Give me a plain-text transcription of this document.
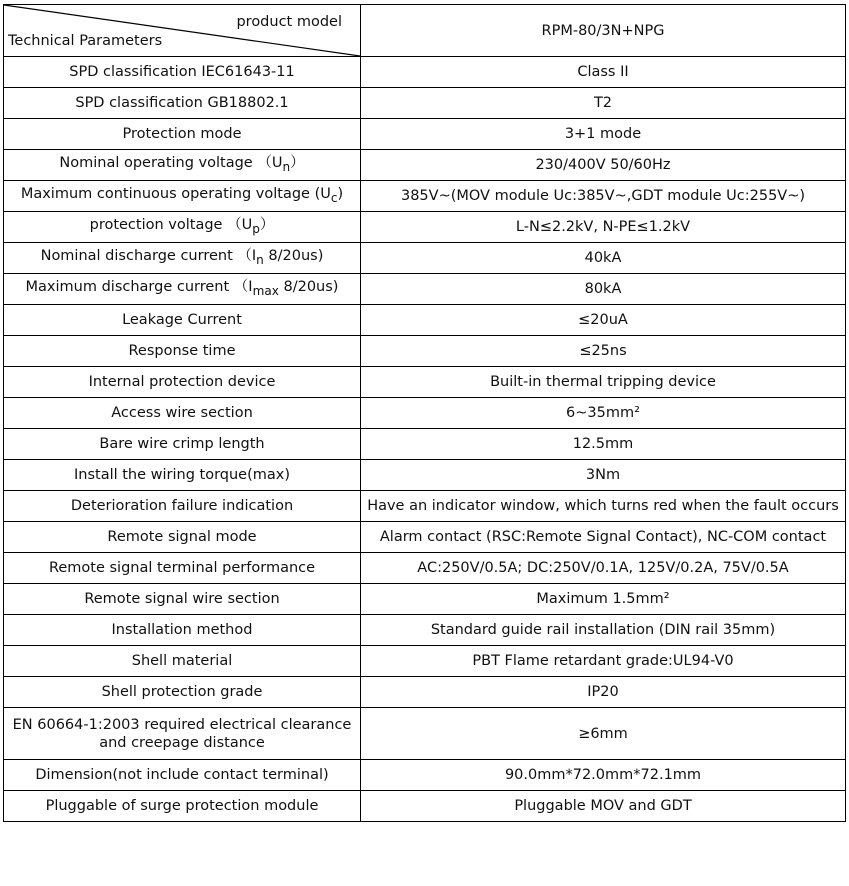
product model
Technical Parameters	RPM-80/3N+NPG
SPD classification IEC61643-11	Class II
SPD classification GB18802.1	T2
Protection mode	3+1 mode
Nominal operating voltage $(U_n)$	230/400V 50/60Hz
Maximum continuous operating voltage $(U_c)$	385V~(MOV module Uc:385V~,GDT module Uc:255V~)
protection voltage $(U_p)$	L-N≤2.2kV, N-PE≤1.2kV
Nominal discharge current （$I_n$ 8/20us)	40kA
Maximum discharge current （$I_{max}$ 8/20us)	80kA
Leakage Current	≤20uA
Response time	≤25ns
Internal protection device	Built-in thermal tripping device
Access wire section	6~35mm²
Bare wire crimp length	12.5mm
Install the wiring torque(max)	3Nm
Deterioration failure indication	Have an indicator window, which turns red when the fault occurs
Remote signal mode	Alarm contact (RSC:Remote Signal Contact), NC-COM contact
Remote signal terminal performance	AC:250V/0.5A; DC:250V/0.1A, 125V/0.2A, 75V/0.5A
Remote signal wire section	Maximum 1.5mm²
Installation method	Standard guide rail installation (DIN rail 35mm)
Shell material	PBT Flame retardant grade:UL94-V0
Shell protection grade	IP20

EN 60664-1:2003 required electrical clearance
and creepage distance	≥6mm
Dimension(not include contact terminal)	90.0mm*72.0mm*72.1mm
Pluggable of surge protection module	Pluggable MOV and GDT
